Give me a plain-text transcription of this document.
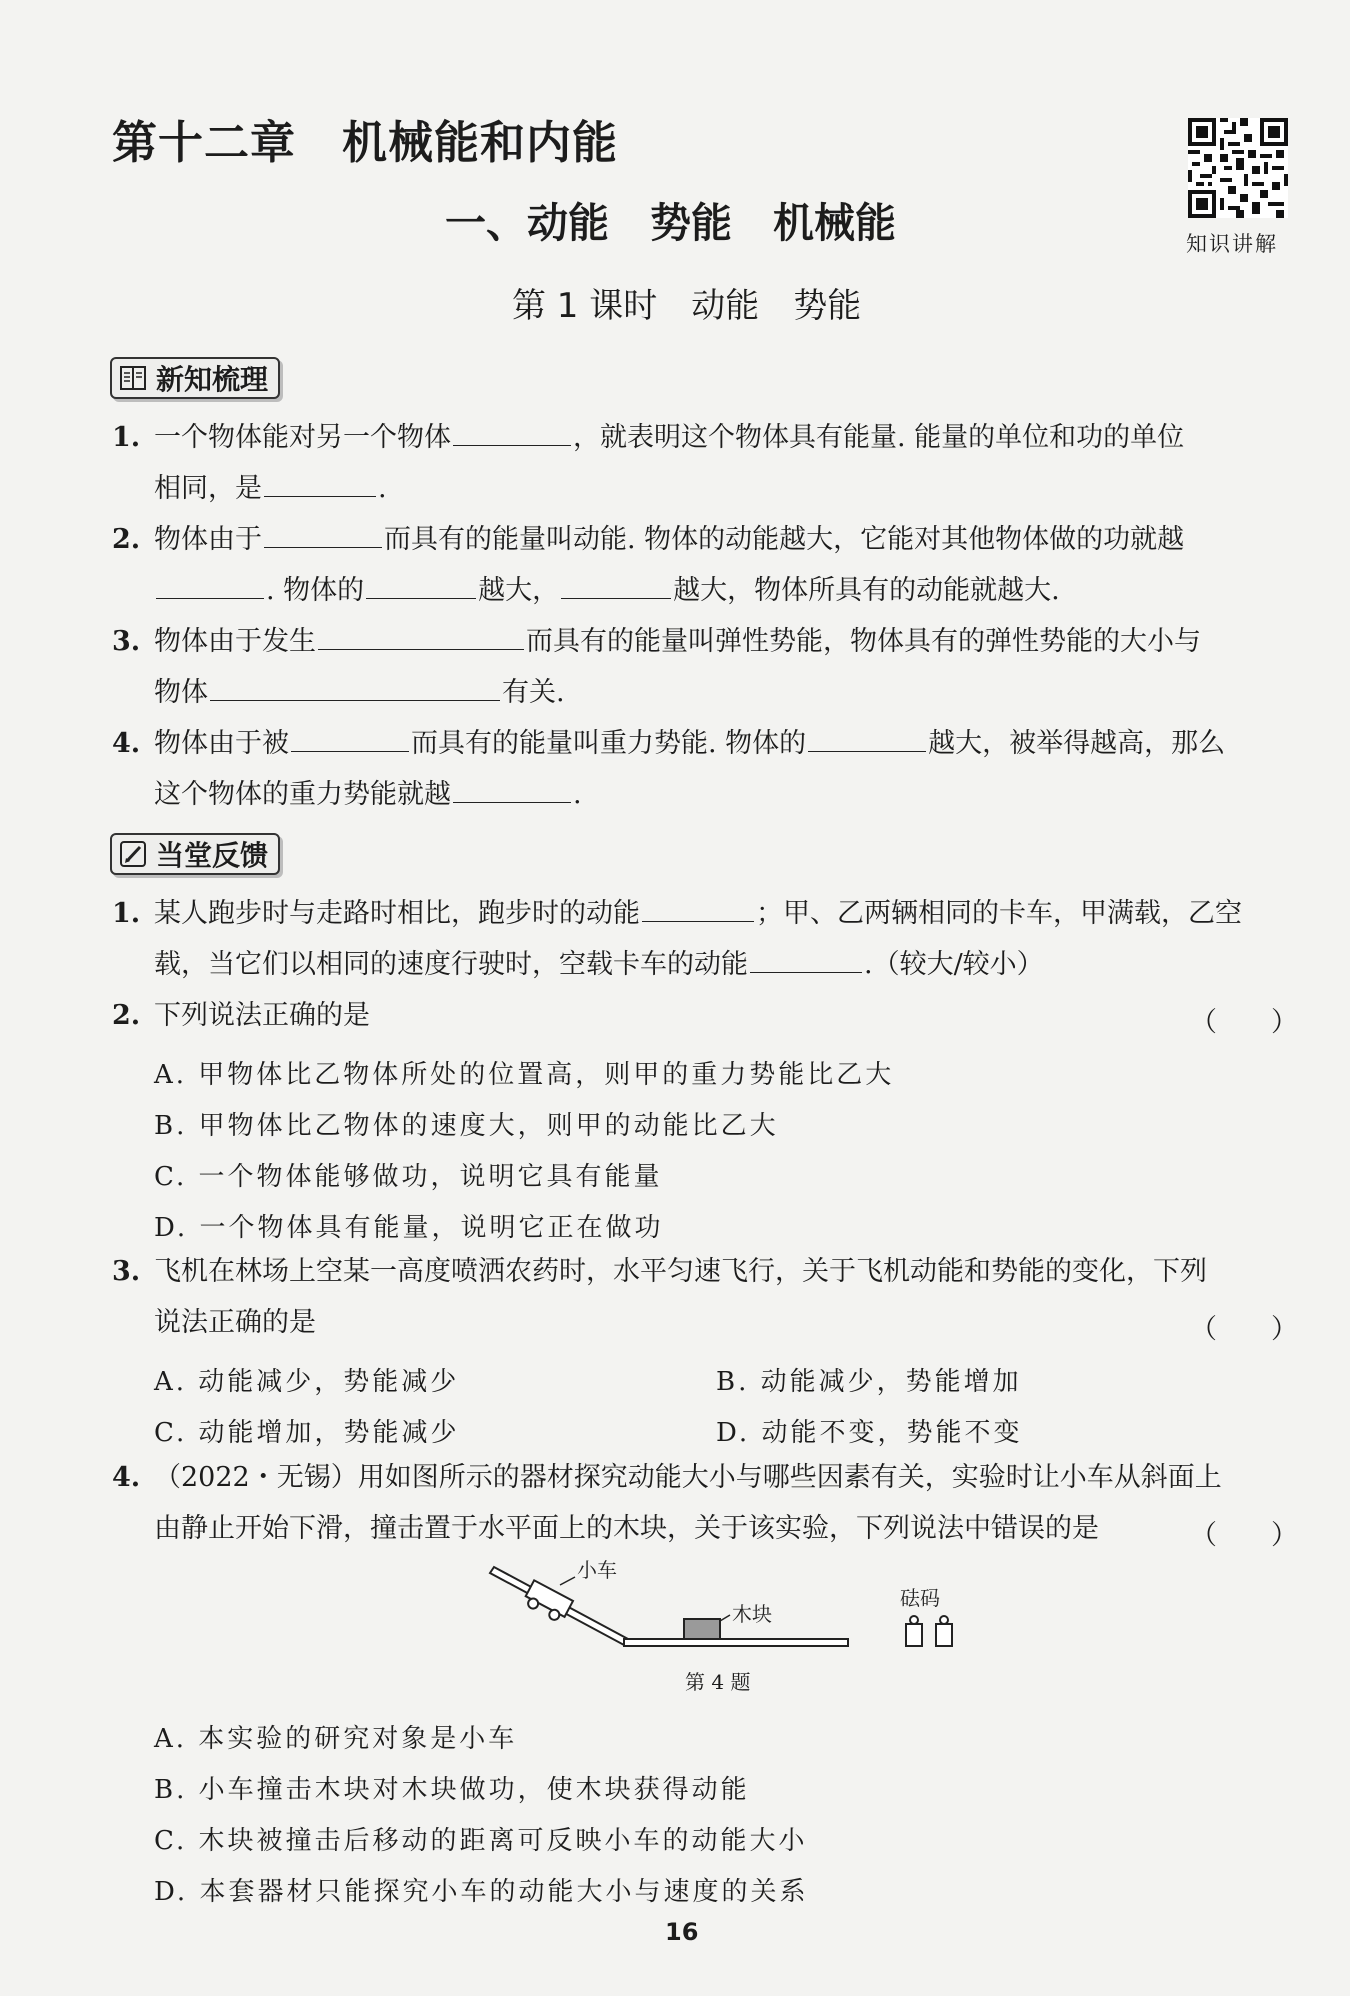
第十二章　机械能和内能
知识讲解
一、动能　势能　机械能
第 1 课时　动能　势能
新知梳理
1. 一个物体能对另一个物体	，就表明这个物体具有能量. 能量的单位和功的单位
相同，是	.
2. 物体由于	而具有的能量叫动能. 物体的动能越大，它能对其他物体做的功就越
. 物体的	越大，	越大，物体所具有的动能就越大.
3. 物体由于发生	而具有的能量叫弹性势能，物体具有的弹性势能的大小与
物体	有关.
4. 物体由于被	而具有的能量叫重力势能. 物体的	越大，被举得越高，那么
这个物体的重力势能就越	.
当堂反馈
1. 某人跑步时与走路时相比，跑步时的动能	；甲、乙两辆相同的卡车，甲满载，乙空
载，当它们以相同的速度行驶时，空载卡车的动能	.（较大/较小）
2. 下列说法正确的是	（　　）
A. 甲物体比乙物体所处的位置高，则甲的重力势能比乙大
B. 甲物体比乙物体的速度大，则甲的动能比乙大
C. 一个物体能够做功，说明它具有能量
D. 一个物体具有能量，说明它正在做功
3. 飞机在林场上空某一高度喷洒农药时，水平匀速飞行，关于飞机动能和势能的变化，下列
说法正确的是	（　　）
A. 动能减少，势能减少	B. 动能减少，势能增加
C. 动能增加，势能减少	D. 动能不变，势能不变
4. （2022・无锡）用如图所示的器材探究动能大小与哪些因素有关，实验时让小车从斜面上
由静止开始下滑，撞击置于水平面上的木块，关于该实验，下列说法中错误的是	（　　）
小车
木块
砝码
第 4 题
A. 本实验的研究对象是小车
B. 小车撞击木块对木块做功，使木块获得动能
C. 木块被撞击后移动的距离可反映小车的动能大小
D. 本套器材只能探究小车的动能大小与速度的关系
16
